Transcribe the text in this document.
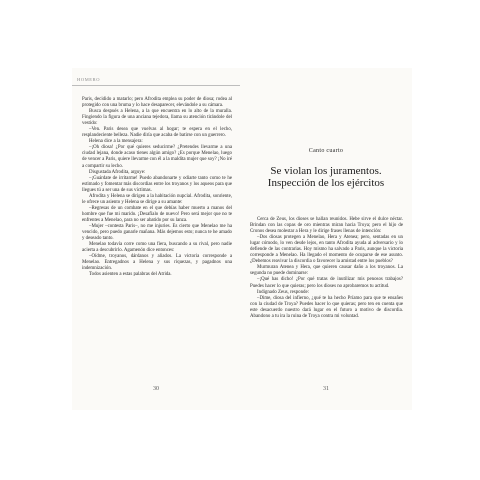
HOMERO

Paris, decidido a matarlo; pero Afrodita emplea su poder de diosa; rodea al protegido con una bruma y lo hace desaparecer, elevándole a su cámara.

Busca después a Helena, a la que encuentra en lo alto de la muralla. Fingiendo la figura de una anciana tejedora, llama su atención tirándole del vestido:

–Ven. Paris desea que vuelvas al hogar; te espera en el lecho, resplandeciente belleza. Nadie diría que acaba de batirse con un guerrero.

Helena dice a la mensajera:

–¡Oh diosa! ¿Por qué quieres seducirme? ¿Pretendes llevarme a una ciudad lejana, donde acaso tienes algún amigo? ¿Es porque Menelao, luego de vencer a Paris, quiere llevarme con él a la maldita mujer que soy? ¡No iré a compartir su lecho.

Disgustada Afrodita, arguye:

–¡Guárdate de irritarme! Puedo abandonarte y odiarte tanto como te he estimado y fomentar más discordias entre los troyanos y los aqueos para que llegues tú a ser una de sus víctimas.

Afrodita y Helena se dirigen a la habitación nupcial. Afrodita, sonriente, le ofrece un asiento y Helena se dirige a su amante:

–Regresas de un combate en el que debías haber muerto a manos del hombre que fue mi marido. ¡Desafíalo de nuevo! Pero será mejor que no te enfrentes a Menelao, para no ser abatido por su lanza.

–Mujer –contesta Paris–, no me injuries. Es cierto que Menelao me ha vencido, pero puedo ganarle mañana. Más dejemos esto; nunca te he amado y deseado tanto.

Menelao todavía corre como una fiera, buscando a su rival, pero nadie acierta a descubrirlo. Agamenón dice entonces:

–Oídme, troyanos, dárdanos y aliados. La victoria corresponde a Menelao. Entregadnos a Helena y sus riquezas, y pagadnos una indemnización.

Todos asienten a estas palabras del Atrida.

30
Canto cuarto
Se violan los juramentos.
Inspección de los ejércitos

Cerca de Zeus, los dioses se hallan reunidos. Hebe sirve el dulce néctar. Brindan con las copas de oro mientras miran hacia Troya; pero el hijo de Cronos desea molestar a Hera y le dirige frases llenas de intención:

–Dos diosas protegen a Menelao, Hera y Atenea; pero, sentadas en un lugar cómodo, lo ven desde lejos, en tanto Afrodita ayuda al adversario y lo defiende de las contrarias. Hoy mismo ha salvado a Paris, aunque la victoria corresponde a Menelao. Ha llegado el momento de ocuparse de ese asunto. ¿Debemos reavivar la discordia o favorecer la amistad entre los pueblos?

Murmuran Atenea y Hera, que quieren causar daño a los troyanos. La segunda no puede dominarse:

–¡Qué has dicho! ¿Por qué tratas de inutilizar mis penosos trabajos? Puedes hacer lo que quieras; pero los dioses no aprobaremos tu actitud.

Indignado Zeus, responde:

–Dime, diosa del infierno, ¿qué te ha hecho Príamo para que te ensañes con la ciudad de Troya? Puedes hacer lo que quieras; pero ten en cuenta que este desacuerdo nuestro dará lugar en el futuro a motivo de discordia. Abandono a tu ira la ruina de Troya contra mi voluntad.

31
